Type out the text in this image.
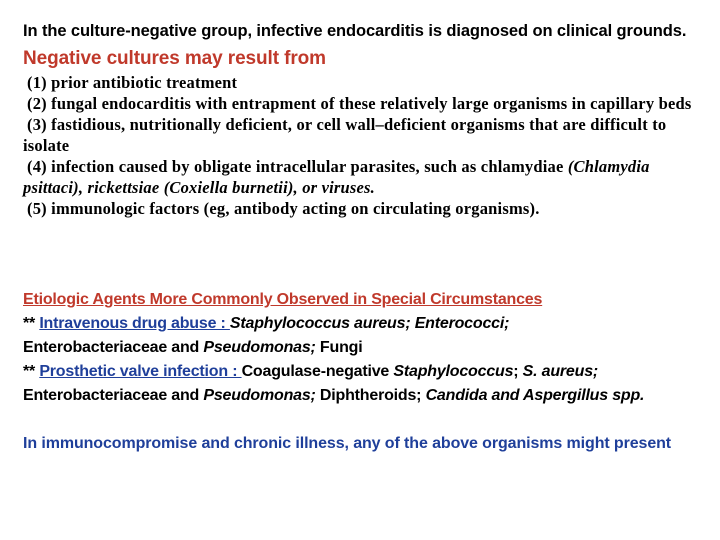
In the culture-negative group, infective endocarditis is diagnosed on clinical grounds. Negative cultures may result from
(1) prior antibiotic treatment
(2) fungal endocarditis with entrapment of these relatively large organisms in capillary beds
(3) fastidious, nutritionally deficient, or cell wall–deficient organisms that are difficult to isolate
(4) infection caused by obligate intracellular parasites, such as chlamydiae (Chlamydia psittaci), rickettsiae (Coxiella burnetii), or viruses.
(5) immunologic factors (eg, antibody acting on circulating organisms).
Etiologic Agents More Commonly Observed in Special Circumstances
** Intravenous drug abuse : Staphylococcus aureus; Enterococci;
Enterobacteriaceae and Pseudomonas; Fungi
** Prosthetic valve infection : Coagulase-negative Staphylococcus; S. aureus;
Enterobacteriaceae and Pseudomonas; Diphtheroids; Candida and Aspergillus spp.
In immunocompromise and chronic illness, any of the above organisms might present
